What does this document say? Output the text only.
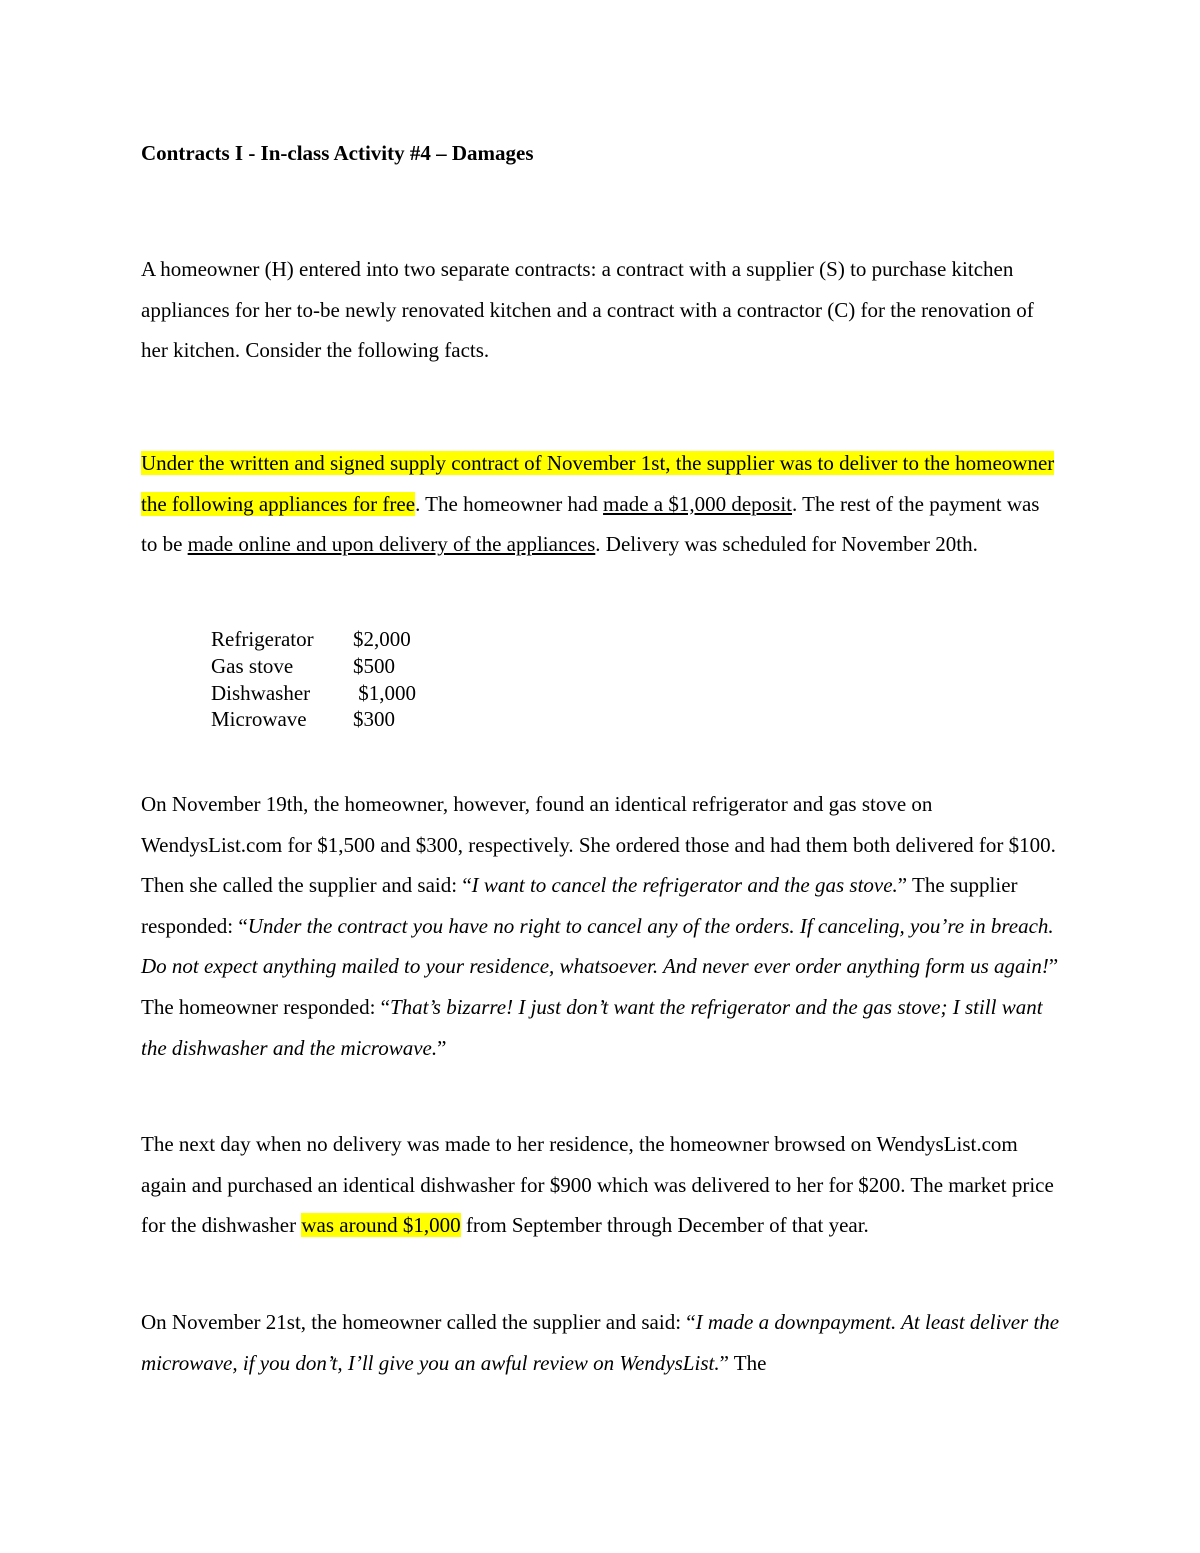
Contracts I - In-class Activity #4 – Damages

A homeowner (H) entered into two separate contracts: a contract with a supplier (S) to purchase kitchen appliances for her to-be newly renovated kitchen and a contract with a contractor (C) for the renovation of her kitchen. Consider the following facts.

Under the written and signed supply contract of November 1st, the supplier was to deliver to the homeowner the following appliances for free. The homeowner had made a $1,000 deposit. The rest of the payment was to be made online and upon delivery of the appliances. Delivery was scheduled for November 20th.

Refrigerator	$2,000
Gas stove	$500
Dishwasher	$1,000
Microwave	$300

On November 19th, the homeowner, however, found an identical refrigerator and gas stove on WendysList.com for $1,500 and $300, respectively. She ordered those and had them both delivered for $100. Then she called the supplier and said: “I want to cancel the refrigerator and the gas stove.” The supplier responded: “Under the contract you have no right to cancel any of the orders. If canceling, you’re in breach. Do not expect anything mailed to your residence, whatsoever. And never ever order anything form us again!” The homeowner responded: “That’s bizarre! I just don’t want the refrigerator and the gas stove; I still want the dishwasher and the microwave.”

The next day when no delivery was made to her residence, the homeowner browsed on WendysList.com again and purchased an identical dishwasher for $900 which was delivered to her for $200. The market price for the dishwasher was around $1,000 from September through December of that year.

On November 21st, the homeowner called the supplier and said: “I made a downpayment. At least deliver the microwave, if you don’t, I’ll give you an awful review on WendysList.” The
